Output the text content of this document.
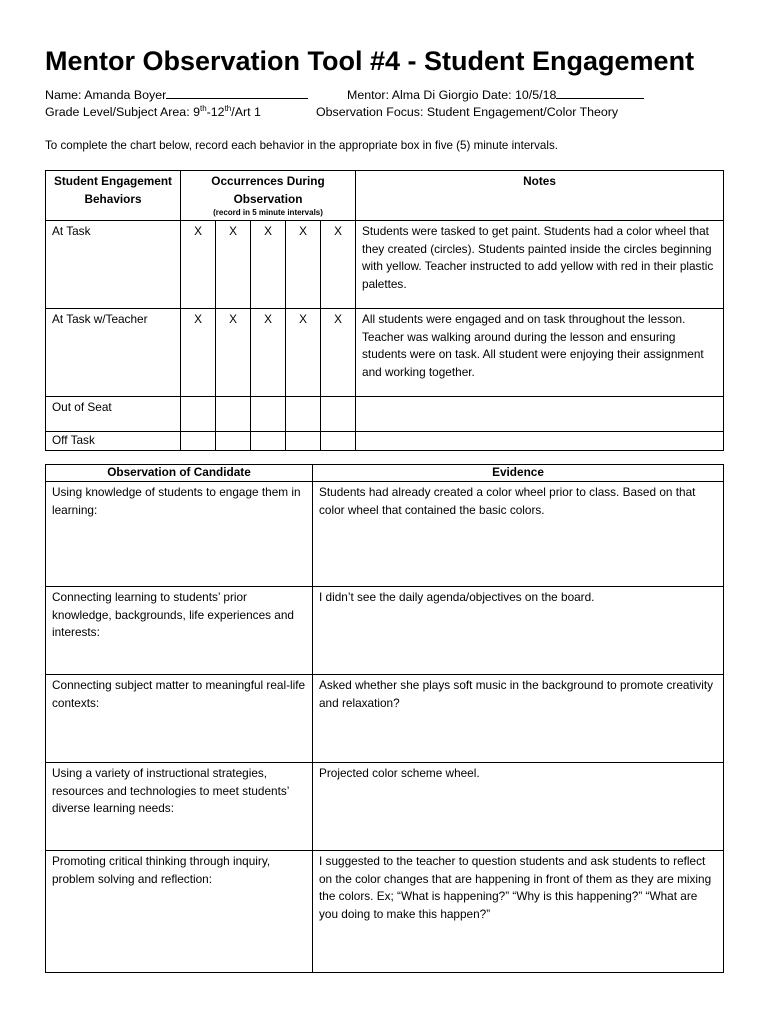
Mentor Observation Tool #4 - Student Engagement
Name: Amanda Boyer	Mentor: Alma Di Giorgio Date: 10/5/18
Grade Level/Subject Area: 9th-12th/Art 1	Observation Focus: Student Engagement/Color Theory
To complete the chart below, record each behavior in the appropriate box in five (5) minute intervals.
Student Engagement Behaviors	Occurrences During Observation
(record in 5 minute intervals)					Notes
At Task	X	X	X	X	X	Students were tasked to get paint. Students had a color wheel that they created (circles). Students painted inside the circles beginning with yellow. Teacher instructed to add yellow with red in their plastic palettes.
At Task w/Teacher	X	X	X	X	X	All students were engaged and on task throughout the lesson. Teacher was walking around during the lesson and ensuring students were on task. All student were enjoying their assignment and working together.
Out of Seat						
Off Task						
Observation of Candidate	Evidence
Using knowledge of students to engage them in learning:	Students had already created a color wheel prior to class. Based on that color wheel that contained the basic colors.
Connecting learning to students’ prior knowledge, backgrounds, life experiences and interests:	I didn’t see the daily agenda/objectives on the board.
Connecting subject matter to meaningful real-life contexts:	Asked whether she plays soft music in the background to promote creativity and relaxation?
Using a variety of instructional strategies, resources and technologies to meet students’ diverse learning needs:	Projected color scheme wheel.
Promoting critical thinking through inquiry, problem solving and reflection:	I suggested to the teacher to question students and ask students to reflect on the color changes that are happening in front of them as they are mixing the colors. Ex; “What is happening?” “Why is this happening?” “What are you doing to make this happen?”
